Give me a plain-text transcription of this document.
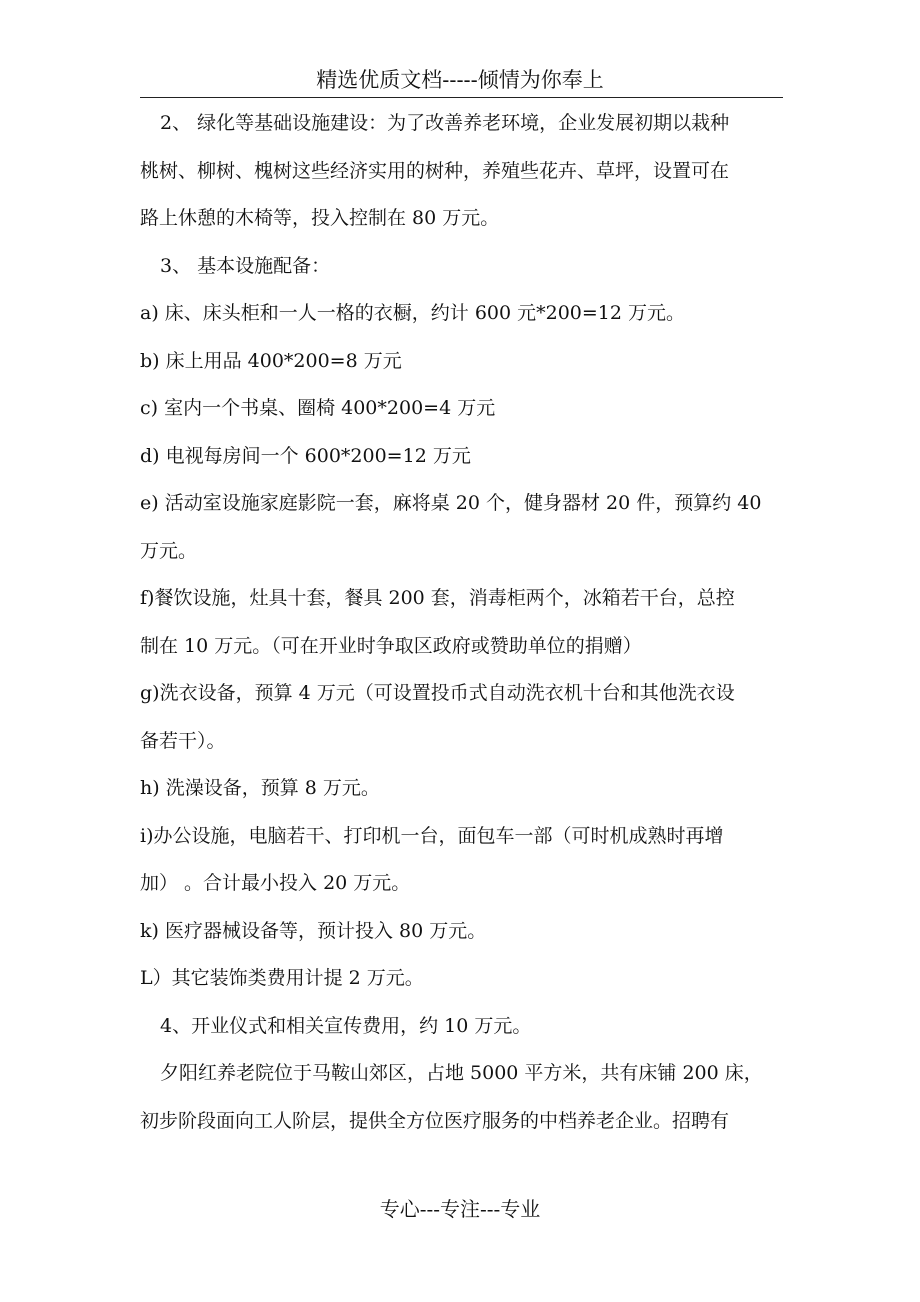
精选优质文档-----倾情为你奉上

2、 绿化等基础设施建设：为了改善养老环境，企业发展初期以栽种
桃树、柳树、槐树这些经济实用的树种，养殖些花卉、草坪，设置可在
路上休憩的木椅等，投入控制在 80 万元。

3、 基本设施配备：

a) 床、床头柜和一人一格的衣橱，约计 600 元*200=12 万元。

b) 床上用品 400*200=8 万元

c) 室内一个书桌、圈椅 400*200=4 万元

d) 电视每房间一个 600*200=12 万元

e) 活动室设施家庭影院一套，麻将桌 20 个，健身器材 20 件，预算约 40
万元。

f)餐饮设施，灶具十套，餐具 200 套，消毒柜两个，冰箱若干台，总控
制在 10 万元。（可在开业时争取区政府或赞助单位的捐赠）

g)洗衣设备，预算 4 万元（可设置投币式自动洗衣机十台和其他洗衣设
备若干）。

h) 洗澡设备，预算 8 万元。

i)办公设施，电脑若干、打印机一台，面包车一部（可时机成熟时再增
加） 。合计最小投入 20 万元。

k) 医疗器械设备等，预计投入 80 万元。

L）其它装饰类费用计提 2 万元。

4、开业仪式和相关宣传费用，约 10 万元。

夕阳红养老院位于马鞍山郊区，占地 5000 平方米，共有床铺 200 床，
初步阶段面向工人阶层，提供全方位医疗服务的中档养老企业。招聘有

专心---专注---专业
